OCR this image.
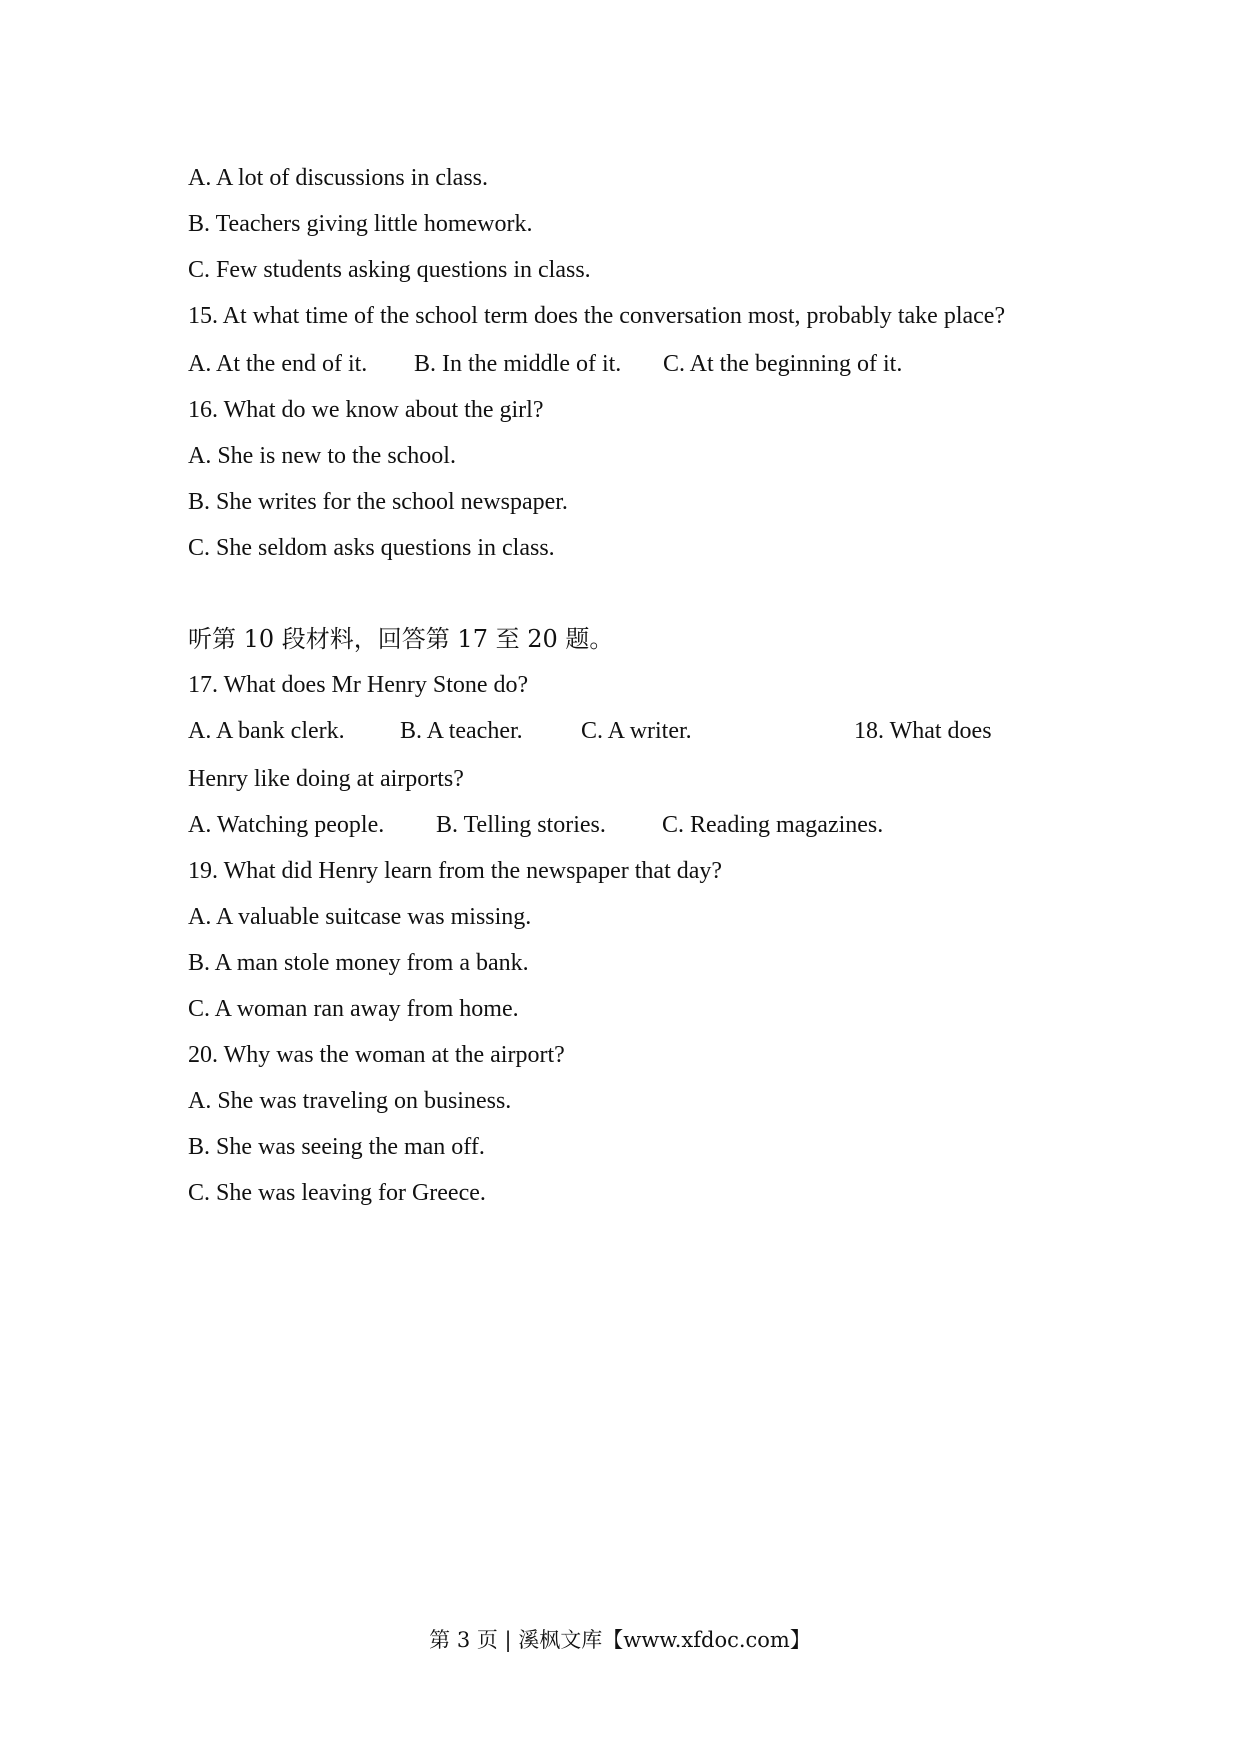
A. A lot of discussions in class.
B. Teachers giving little homework.
C. Few students asking questions in class.
15. At what time of the school term does the conversation most, probably take place?
A. At the end of it. B. In the middle of it. C. At the beginning of it.
16. What do we know about the girl?
A. She is new to the school.
B. She writes for the school newspaper.
C. She seldom asks questions in class.
听第 10 段材料，回答第 17 至 20 题。
17. What does Mr Henry Stone do?
A. A bank clerk. B. A teacher. C. A writer.	18. What does
Henry like doing at airports?
A. Watching people. B. Telling stories. C. Reading magazines.
19. What did Henry learn from the newspaper that day?
A. A valuable suitcase was missing.
B. A man stole money from a bank.
C. A woman ran away from home.
20. Why was the woman at the airport?
A. She was traveling on business.
B. She was seeing the man off.
C. She was leaving for Greece.
第 3 页 | 溪枫文库【www.xfdoc.com】
